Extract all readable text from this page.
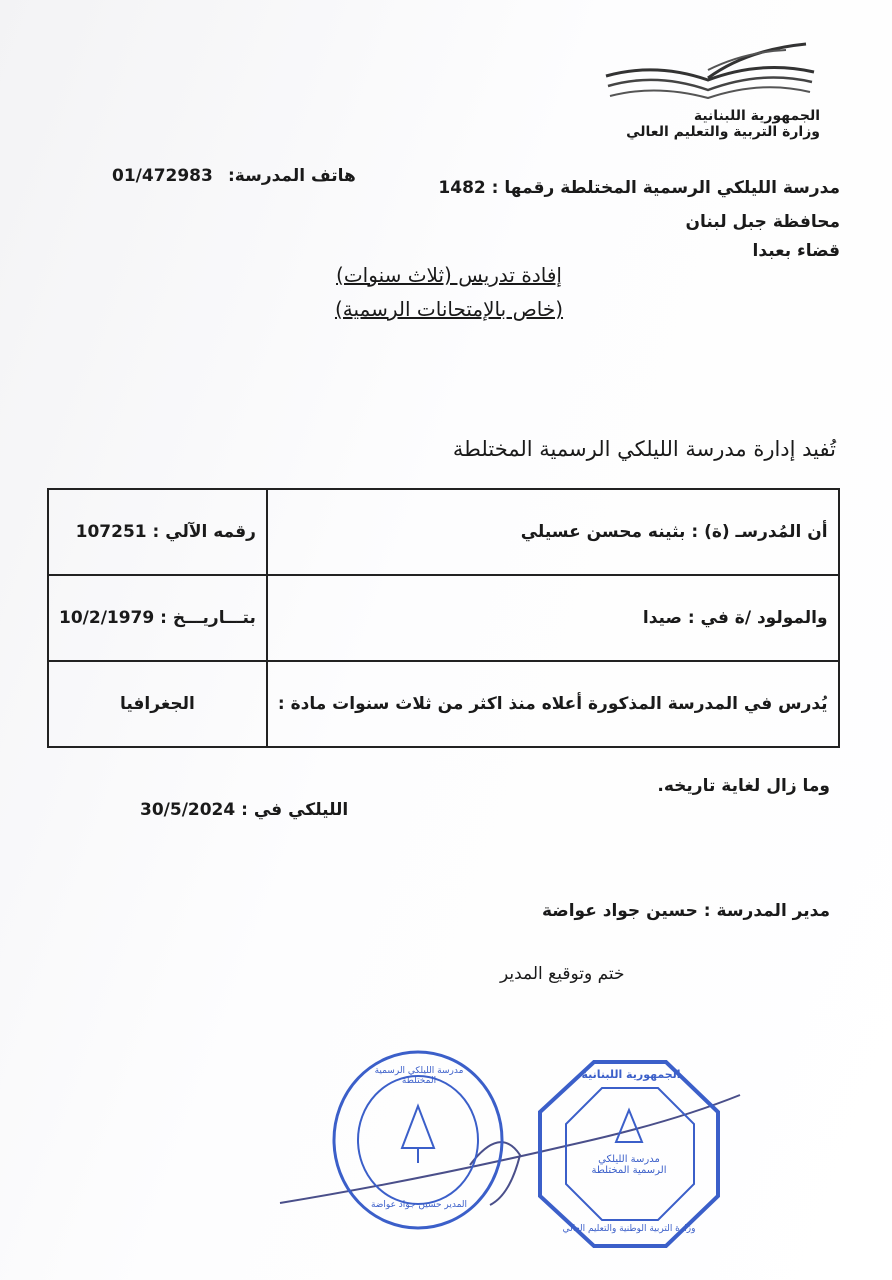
الجمهورية اللبنانية
وزارة التربية والتعليم العالي
مدرسة الليلكي الرسمية المختلطة رقمها : 1482
هاتف المدرسة:
01/472983
محافظة جبل لبنان
قضاء بعبدا
إفادة تدريس (ثلاث سنوات)
(خاص بالإمتحانات الرسمية)
تُفيد إدارة مدرسة الليلكي الرسمية المختلطة
أن المُدرسـ (ة) : بثينه محسن عسيلي	رقمه الآلي : 107251
والمولود /ة في : صيدا	بتـــاريـــخ : 10/2/1979
يُدرس في المدرسة المذكورة أعلاه منذ اكثر من ثلاث سنوات مادة :	الجغرافيا
وما زال لغاية تاريخه.
الليلكي في : 30/5/2024
مدير المدرسة : حسين جواد عواضة
ختم وتوقيع المدير
مدرسة الليلكي الرسمية المختلطة
المدير حسين جواد عواضة
الجمهورية اللبنانية
مدرسة الليلكي الرسمية المختلطة
وزارة التربية الوطنية والتعليم العالي
